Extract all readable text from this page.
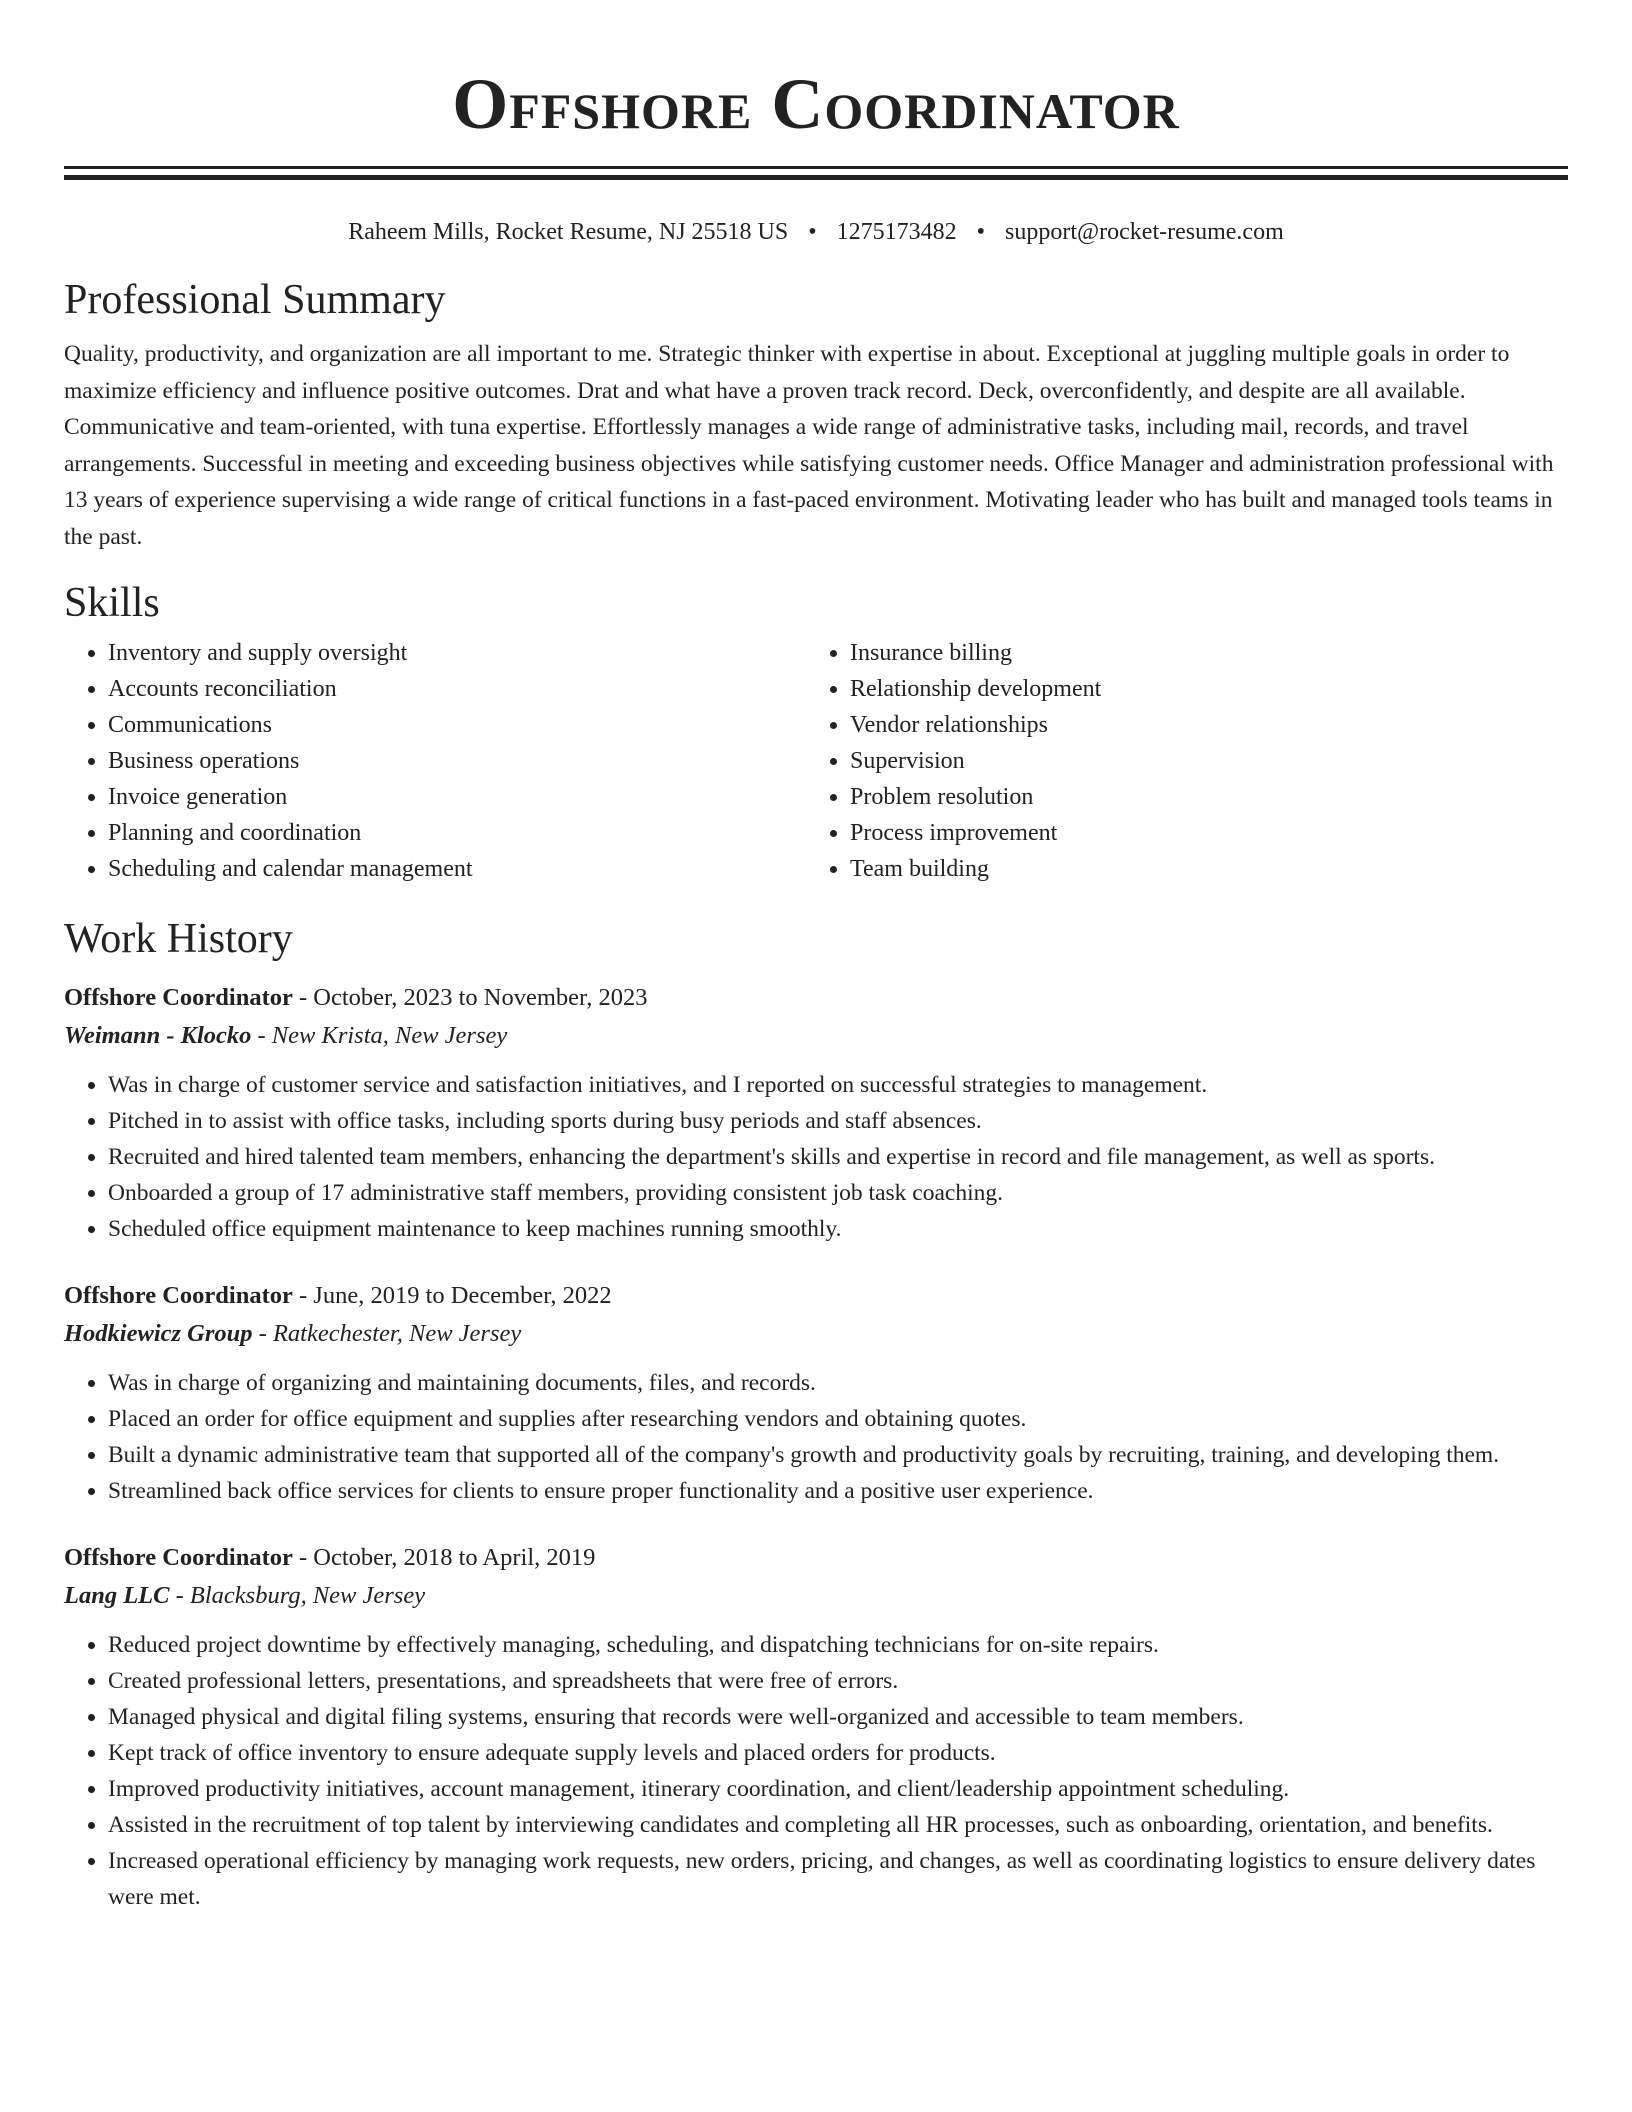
Offshore Coordinator
Raheem Mills, Rocket Resume, NJ 25518 US • 1275173482 • support@rocket-resume.com
Professional Summary

Quality, productivity, and organization are all important to me. Strategic thinker with expertise in about. Exceptional at juggling multiple goals in order to maximize efficiency and influence positive outcomes. Drat and what have a proven track record. Deck, overconfidently, and despite are all available. Communicative and team-oriented, with tuna expertise. Effortlessly manages a wide range of administrative tasks, including mail, records, and travel arrangements. Successful in meeting and exceeding business objectives while satisfying customer needs. Office Manager and administration professional with 13 years of experience supervising a wide range of critical functions in a fast-paced environment. Motivating leader who has built and managed tools teams in the past.

Skills
• Inventory and supply oversight
• Accounts reconciliation
• Communications
• Business operations
• Invoice generation
• Planning and coordination
• Scheduling and calendar management
• Insurance billing
• Relationship development
• Vendor relationships
• Supervision
• Problem resolution
• Process improvement
• Team building
Work History
Offshore Coordinator - October, 2023 to November, 2023
Weimann - Klocko - New Krista, New Jersey
• Was in charge of customer service and satisfaction initiatives, and I reported on successful strategies to management.
• Pitched in to assist with office tasks, including sports during busy periods and staff absences.
• Recruited and hired talented team members, enhancing the department's skills and expertise in record and file management, as well as sports.
• Onboarded a group of 17 administrative staff members, providing consistent job task coaching.
• Scheduled office equipment maintenance to keep machines running smoothly.
Offshore Coordinator - June, 2019 to December, 2022
Hodkiewicz Group - Ratkechester, New Jersey
• Was in charge of organizing and maintaining documents, files, and records.
• Placed an order for office equipment and supplies after researching vendors and obtaining quotes.
• Built a dynamic administrative team that supported all of the company's growth and productivity goals by recruiting, training, and developing them.
• Streamlined back office services for clients to ensure proper functionality and a positive user experience.
Offshore Coordinator - October, 2018 to April, 2019
Lang LLC - Blacksburg, New Jersey
• Reduced project downtime by effectively managing, scheduling, and dispatching technicians for on-site repairs.
• Created professional letters, presentations, and spreadsheets that were free of errors.
• Managed physical and digital filing systems, ensuring that records were well-organized and accessible to team members.
• Kept track of office inventory to ensure adequate supply levels and placed orders for products.
• Improved productivity initiatives, account management, itinerary coordination, and client/leadership appointment scheduling.
• Assisted in the recruitment of top talent by interviewing candidates and completing all HR processes, such as onboarding, orientation, and benefits.
• Increased operational efficiency by managing work requests, new orders, pricing, and changes, as well as coordinating logistics to ensure delivery dates were met.
